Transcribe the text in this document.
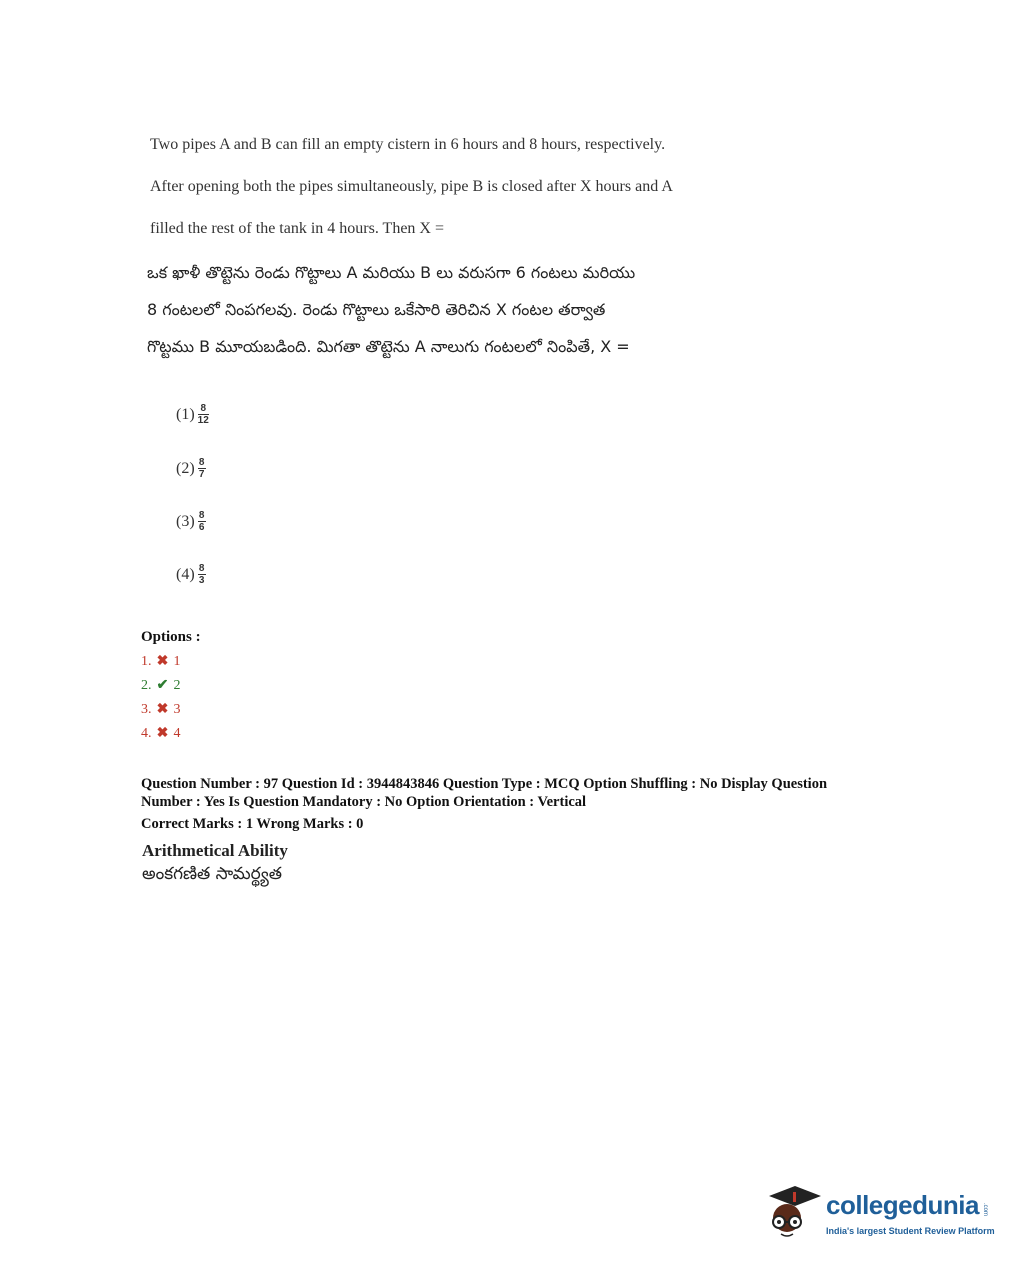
Two pipes A and B can fill an empty cistern in 6 hours and 8 hours, respectively.
After opening both the pipes simultaneously, pipe B is closed after X hours and A
filled the rest of the tank in 4 hours. Then X =
ఒక ఖాళీ తొట్టెను రెండు గొట్టాలు A మరియు B లు వరుసగా 6 గంటలు మరియు
8 గంటలలో నింపగలవు. రెండు గొట్టాలు ఒకేసారి తెరిచిన X గంటల తర్వాత
గొట్టము B మూయబడింది. మిగతా తొట్టెను A నాలుగు గంటలలో నింపితే, X =
$(1) \frac{8}{12}$
$(2) \frac{8}{7}$
$(3) \frac{8}{6}$
$(4) \frac{8}{3}$
Options :
1. ✖ 1
2. ✔ 2
3. ✖ 3
4. ✖ 4
Question Number : 97 Question Id : 3944843846 Question Type : MCQ Option Shuffling : No Display Question
Number : Yes Is Question Mandatory : No Option Orientation : Vertical
Correct Marks : 1 Wrong Marks : 0
Arithmetical Ability
అంకగణిత సామర్థ్యత
collegedunia .com
India's largest Student Review Platform
